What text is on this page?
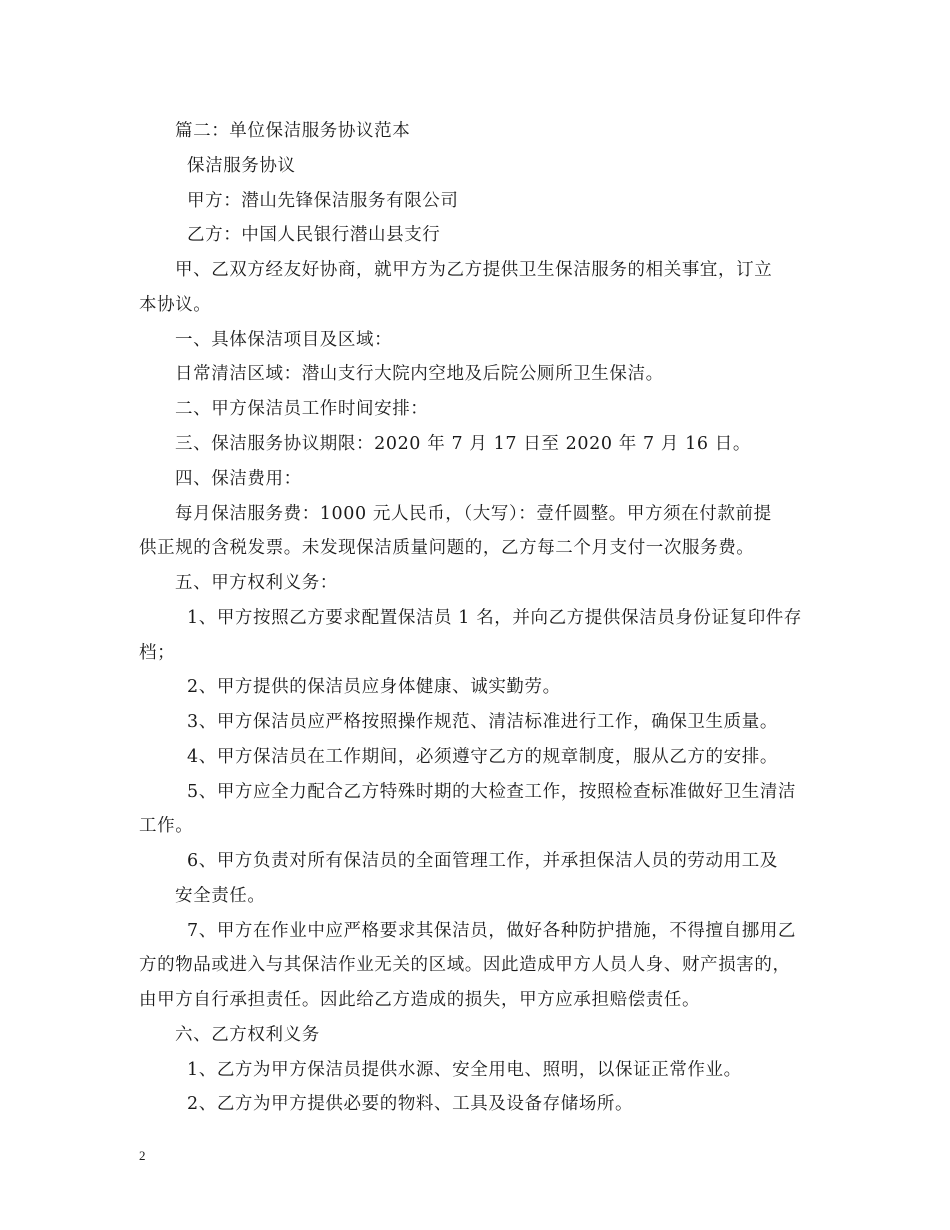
篇二：单位保洁服务协议范本
保洁服务协议
甲方：潜山先锋保洁服务有限公司
乙方：中国人民银行潜山县支行
甲、乙双方经友好协商，就甲方为乙方提供卫生保洁服务的相关事宜，订立
本协议。
一、具体保洁项目及区域：
日常清洁区域：潜山支行大院内空地及后院公厕所卫生保洁。
二、甲方保洁员工作时间安排：
三、保洁服务协议期限：2020 年 7 月 17 日至 2020 年 7 月 16 日。
四、保洁费用：
每月保洁服务费：1000 元人民币，（大写）：壹仟圆整。甲方须在付款前提
供正规的含税发票。未发现保洁质量问题的，乙方每二个月支付一次服务费。
五、甲方权利义务：
1、甲方按照乙方要求配置保洁员 1 名，并向乙方提供保洁员身份证复印件存
档；
2、甲方提供的保洁员应身体健康、诚实勤劳。
3、甲方保洁员应严格按照操作规范、清洁标准进行工作，确保卫生质量。
4、甲方保洁员在工作期间，必须遵守乙方的规章制度，服从乙方的安排。
5、甲方应全力配合乙方特殊时期的大检查工作，按照检查标准做好卫生清洁
工作。
6、甲方负责对所有保洁员的全面管理工作，并承担保洁人员的劳动用工及
安全责任。
7、甲方在作业中应严格要求其保洁员，做好各种防护措施，不得擅自挪用乙
方的物品或进入与其保洁作业无关的区域。因此造成甲方人员人身、财产损害的，
由甲方自行承担责任。因此给乙方造成的损失，甲方应承担赔偿责任。
六、乙方权利义务
1、乙方为甲方保洁员提供水源、安全用电、照明，以保证正常作业。
2、乙方为甲方提供必要的物料、工具及设备存储场所。
2
